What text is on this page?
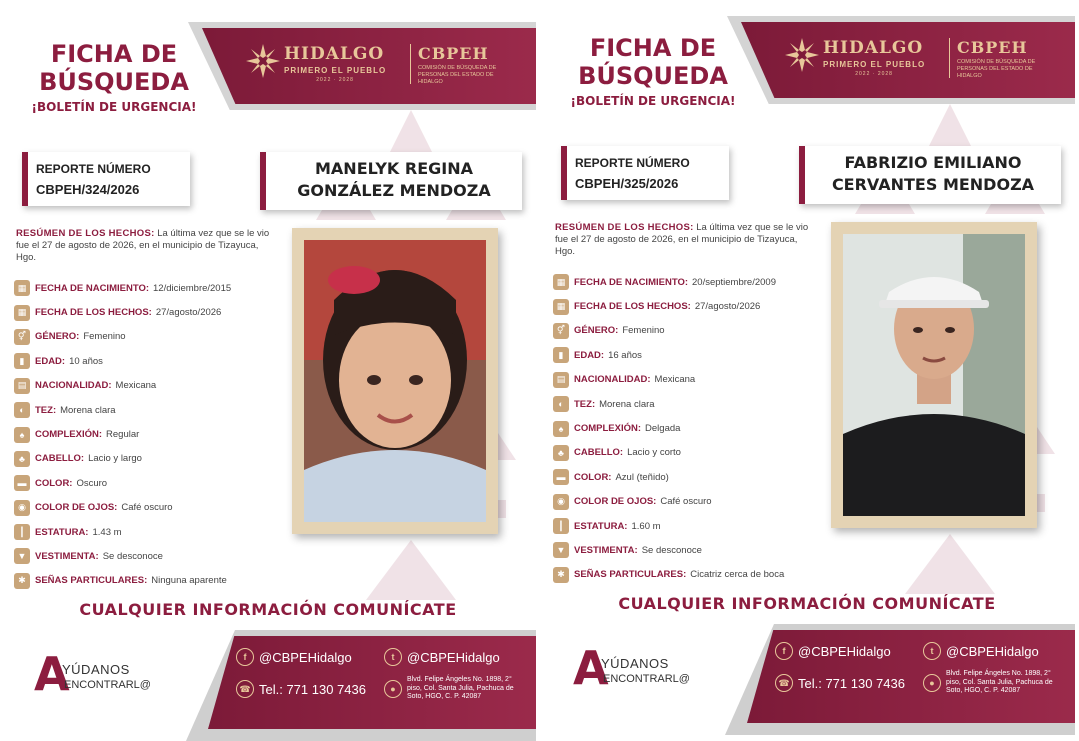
FICHA DE
BÚSQUEDA
¡BOLETÍN DE URGENCIA!
HIDALGO
PRIMERO EL PUEBLO
2022 · 2028
CBPEH
COMISIÓN DE BÚSQUEDA DE PERSONAS DEL ESTADO DE HIDALGO
REPORTE NÚMERO
CBPEH/324/2026
MANELYK REGINA
GONZÁLEZ MENDOZA
RESÚMEN DE LOS HECHOS: La última vez que se le vio fue el 27 de agosto de 2026, en el municipio de Tizayuca, Hgo.
▦ FECHA DE NACIMIENTO: 12/diciembre/2015
▦ FECHA DE LOS HECHOS: 27/agosto/2026
⚥ GÉNERO: Femenino
▮	EDAD: 10 años
▤ NACIONALIDAD: Mexicana
◐	TEZ: Morena clara
♠	COMPLEXIÓN: Regular
♣	CABELLO: Lacio y largo
▬ COLOR: Oscuro
◉ COLOR DE OJOS: Café oscuro
┃	ESTATURA: 1.43 m
▼ VESTIMENTA: Se desconoce
✱ SEÑAS PARTICULARES: Ninguna aparente
CUALQUIER INFORMACIÓN COMUNÍCATE
A
YÚDANOS
ENCONTRARL@
f @CBPEHidalgo	t @CBPEHidalgo
☎ Tel.: 771 130 7436	●
Blvd. Felipe Ángeles No. 1898, 2° piso, Col. Santa Julia, Pachuca de Soto, HGO, C. P. 42087
FICHA DE
BÚSQUEDA
¡BOLETÍN DE URGENCIA!
HIDALGO
PRIMERO EL PUEBLO
2022 · 2028
CBPEH
COMISIÓN DE BÚSQUEDA DE PERSONAS DEL ESTADO DE HIDALGO
REPORTE NÚMERO
CBPEH/325/2026
FABRIZIO EMILIANO
CERVANTES MENDOZA
RESÚMEN DE LOS HECHOS: La última vez que se le vio fue el 27 de agosto de 2026, en el municipio de Tizayuca, Hgo.
▦ FECHA DE NACIMIENTO: 20/septiembre/2009
▦ FECHA DE LOS HECHOS: 27/agosto/2026
⚥ GÉNERO: Femenino
▮	EDAD: 16 años
▤ NACIONALIDAD: Mexicana
◐	TEZ: Morena clara
♠	COMPLEXIÓN: Delgada
♣	CABELLO: Lacio y corto
▬ COLOR: Azul (teñido)
◉ COLOR DE OJOS: Café oscuro
┃	ESTATURA: 1.60 m
▼ VESTIMENTA: Se desconoce
✱ SEÑAS PARTICULARES: Cicatriz cerca de boca
CUALQUIER INFORMACIÓN COMUNÍCATE
A
YÚDANOS
ENCONTRARL@
f @CBPEHidalgo	t @CBPEHidalgo
☎ Tel.: 771 130 7436	●
Blvd. Felipe Ángeles No. 1898, 2° piso, Col. Santa Julia, Pachuca de Soto, HGO, C. P. 42087
